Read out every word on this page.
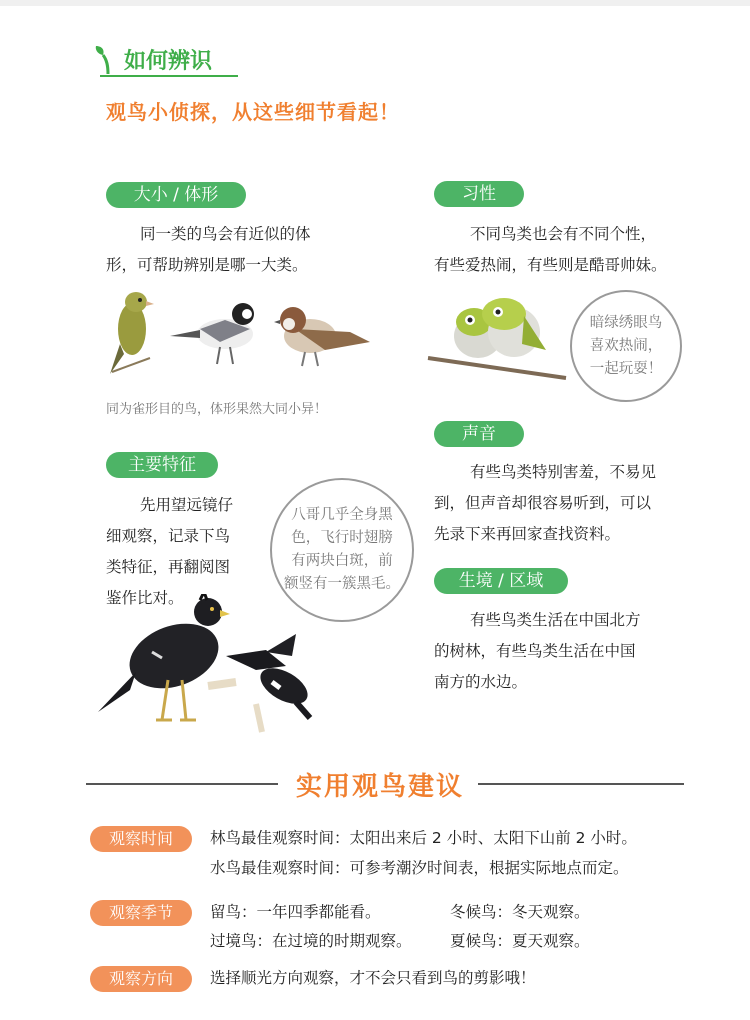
如何辨识
观鸟小侦探，从这些细节看起！
大小 / 体形
同一类的鸟会有近似的体
形，可帮助辨别是哪一大类。
同为雀形目的鸟，体形果然大同小异！
习性
不同鸟类也会有不同个性，
有些爱热闹，有些则是酷哥帅妹。
暗绿绣眼鸟
喜欢热闹，
一起玩耍！
主要特征
先用望远镜仔
细观察，记录下鸟
类特征，再翻阅图
鉴作比对。
八哥几乎全身黑
色，飞行时翅膀
有两块白斑，前
额竖有一簇黑毛。
声音
有些鸟类特别害羞，不易见
到，但声音却很容易听到，可以
先录下来再回家查找资料。
生境 / 区域
有些鸟类生活在中国北方
的树林，有些鸟类生活在中国
南方的水边。
实用观鸟建议
观察时间	林鸟最佳观察时间：太阳出来后 2 小时、太阳下山前 2 小时。
水鸟最佳观察时间：可参考潮汐时间表，根据实际地点而定。
观察季节	留鸟：一年四季都能看。	冬候鸟：冬天观察。
过境鸟：在过境的时期观察。 夏候鸟：夏天观察。
观察方向	选择顺光方向观察，才不会只看到鸟的剪影哦！
